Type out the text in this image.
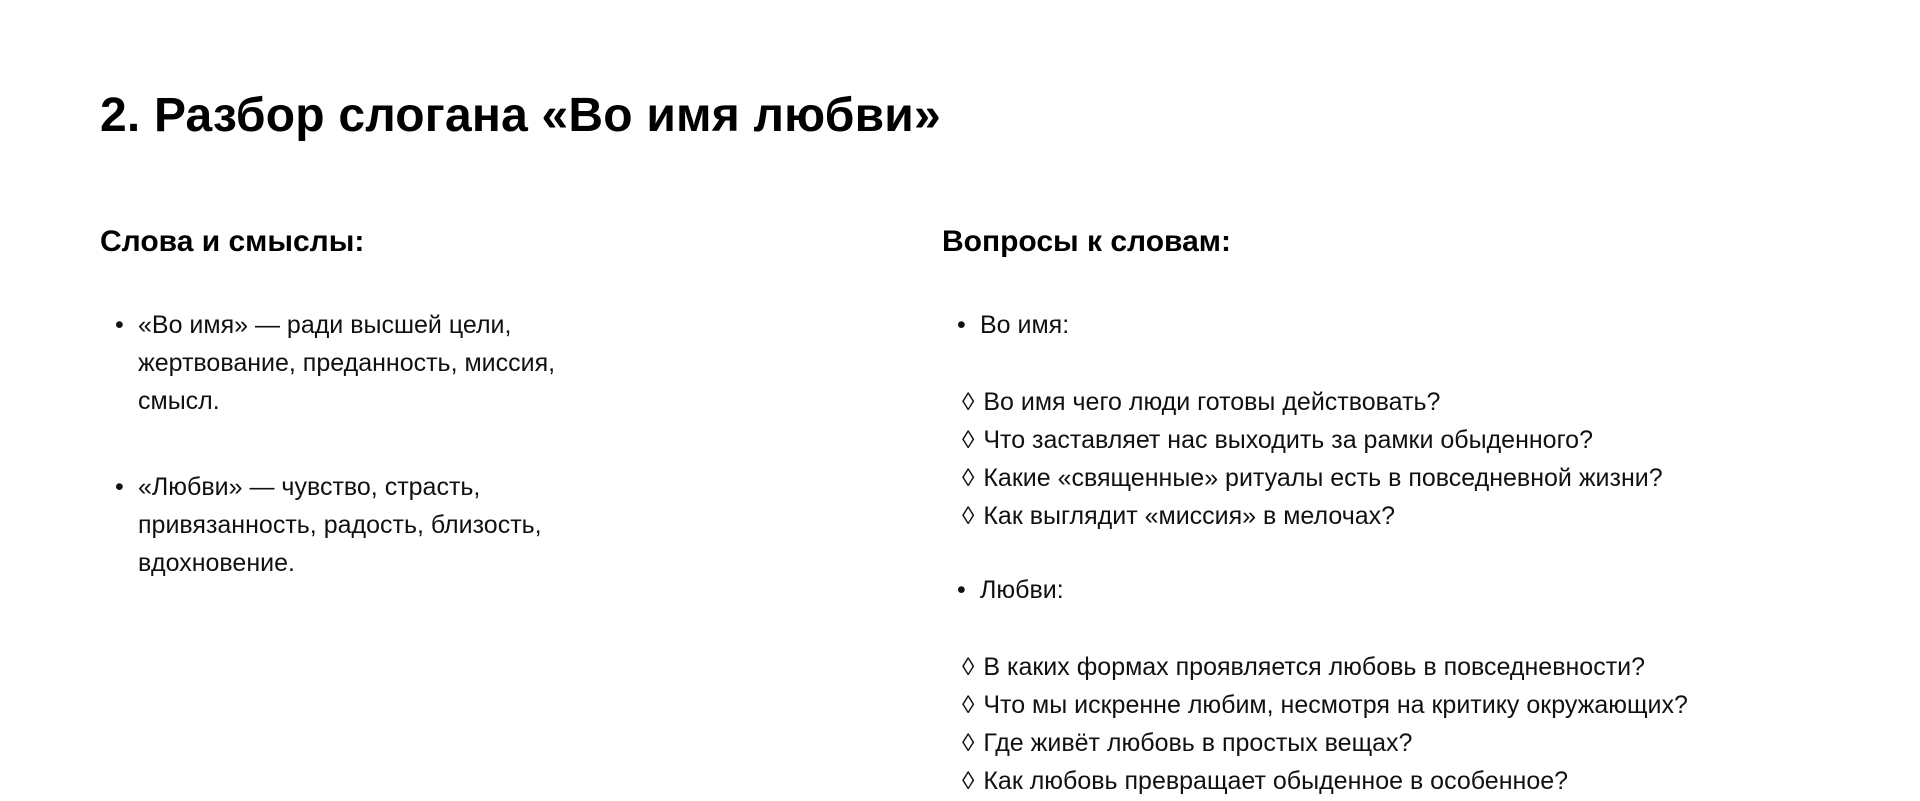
2. Разбор слогана «Во имя любви»
Слова и смыслы:
• «Во имя» — ради высшей цели, жертвование, преданность, миссия, смысл.
• «Любви» — чувство, страсть, привязанность, радость, близость, вдохновение.
Вопросы к словам:
• Во имя:
◊ Во имя чего люди готовы действовать?
◊ Что заставляет нас выходить за рамки обыденного?
◊ Какие «священные» ритуалы есть в повседневной жизни?
◊ Как выглядит «миссия» в мелочах?
• Любви:
◊ В каких формах проявляется любовь в повседневности?
◊ Что мы искренне любим, несмотря на критику окружающих?
◊ Где живёт любовь в простых вещах?
◊ Как любовь превращает обыденное в особенное?
